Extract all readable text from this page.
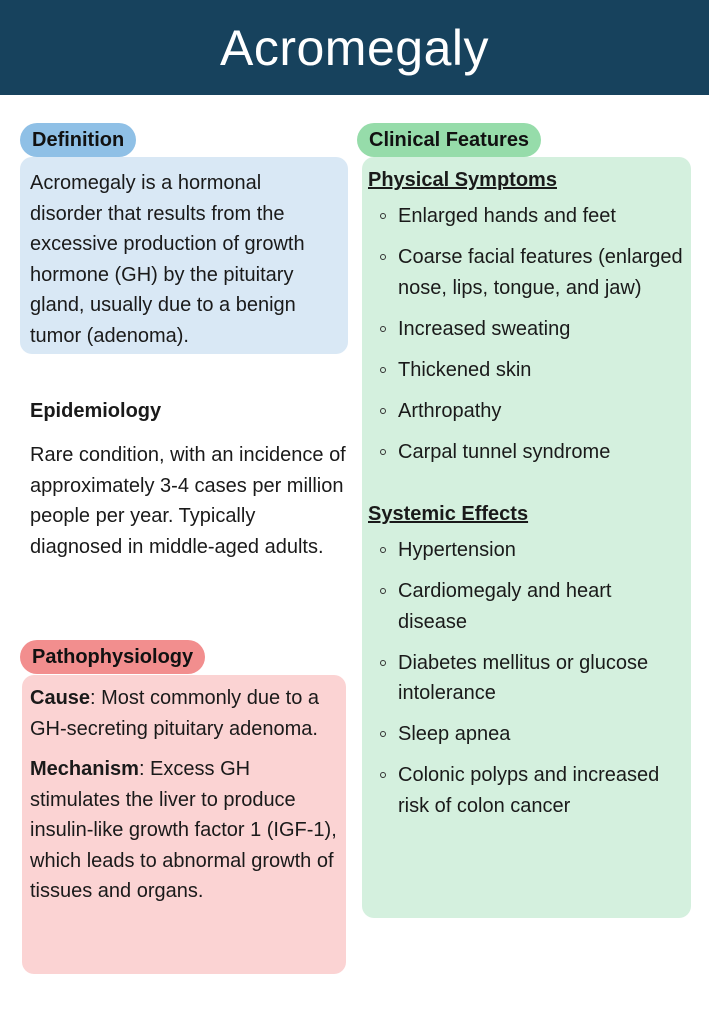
Acromegaly
Definition

Acromegaly is a hormonal disorder that results from the excessive production of growth hormone (GH) by the pituitary gland, usually due to a benign tumor (adenoma).

Epidemiology
Rare condition, with an incidence of approximately 3-4 cases per million people per year. Typically diagnosed in middle-aged adults.
Pathophysiology

Cause: Most commonly due to a GH-secreting pituitary adenoma.

Mechanism: Excess GH stimulates the liver to produce insulin-like growth factor 1 (IGF-1), which leads to abnormal growth of tissues and organs.

Clinical Features

Physical Symptoms

Enlarged hands and feet
Coarse facial features (enlarged nose, lips, tongue, and jaw)
Increased sweating
Thickened skin
Arthropathy
Carpal tunnel syndrome

Systemic Effects

Hypertension
Cardiomegaly and heart disease
Diabetes mellitus or glucose intolerance
Sleep apnea
Colonic polyps and increased risk of colon cancer
